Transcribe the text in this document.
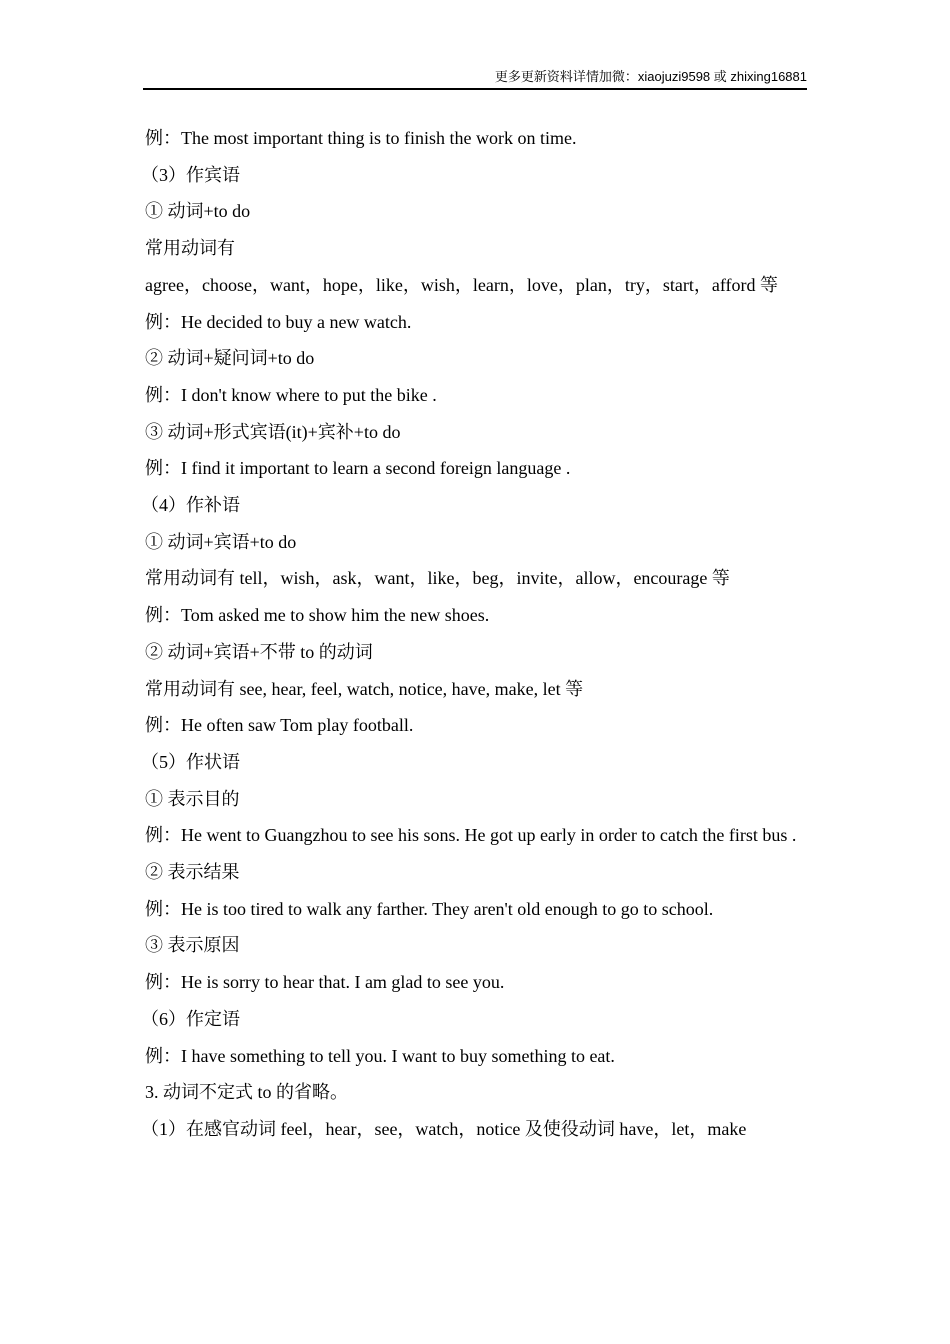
更多更新资料详情加微：xiaojuzi9598 或 zhixing16881
例：The most important thing is to finish the work on time.
（3）作宾语
① 动词+to do
常用动词有
agree，choose，want，hope，like，wish，learn，love，plan，try，start，afford 等
例：He decided to buy a new watch.
② 动词+疑问词+to do
例：I don't know where to put the bike .
③ 动词+形式宾语(it)+宾补+to do
例：I find it important to learn a second foreign language .
（4）作补语
① 动词+宾语+to do
常用动词有 tell，wish，ask，want，like，beg，invite，allow，encourage 等
例：Tom asked me to show him the new shoes.
② 动词+宾语+不带 to 的动词
常用动词有 see, hear, feel, watch, notice, have, make, let 等
例：He often saw Tom play football.
（5）作状语
① 表示目的
例：He went to Guangzhou to see his sons. He got up early in order to catch the first bus .
② 表示结果
例：He is too tired to walk any farther. They aren't old enough to go to school.
③ 表示原因
例：He is sorry to hear that. I am glad to see you.
（6）作定语
例：I have something to tell you. I want to buy something to eat.
3. 动词不定式 to 的省略。
（1）在感官动词 feel，hear，see，watch，notice 及使役动词 have，let，make
